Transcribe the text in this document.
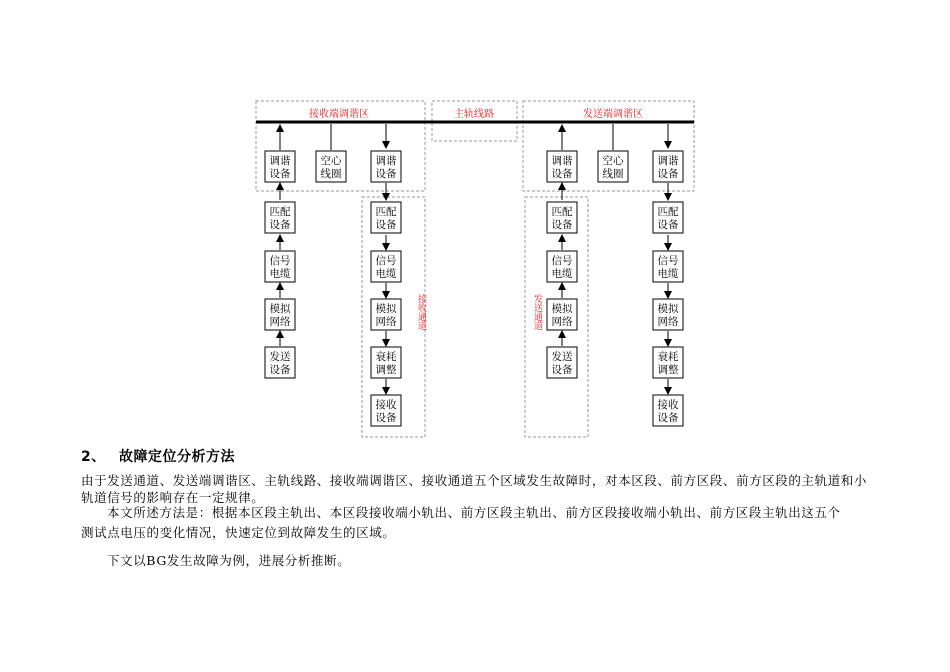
接收端调谐区	主轨线路	发送端调谐区
接收通道	发送通道
调谐
设备
匹配
设备
信号
电缆
模拟
网络
发送
设备
空心
线圈
调谐
设备
匹配
设备
信号
电缆
模拟
网络
衰耗
调整
接收
设备
调谐
设备
匹配
设备
信号
电缆
模拟
网络
发送
设备
空心
线圈
调谐
设备
匹配
设备
信号
电缆
模拟
网络
衰耗
调整
接收
设备
2、 故障定位分析方法
由于发送通道、发送端调谐区、主轨线路、接收端调谐区、接收通道五个区域发生故障时，对本区段、前方区段、前方区段的主轨道和小轨道信号的影响存在一定规律。
本文所述方法是：根据本区段主轨出、本区段接收端小轨出、前方区段主轨出、前方区段接收端小轨出、前方区段主轨出这五个
测试点电压的变化情况，快速定位到故障发生的区域。
下文以BG发生故障为例，进展分析推断。
